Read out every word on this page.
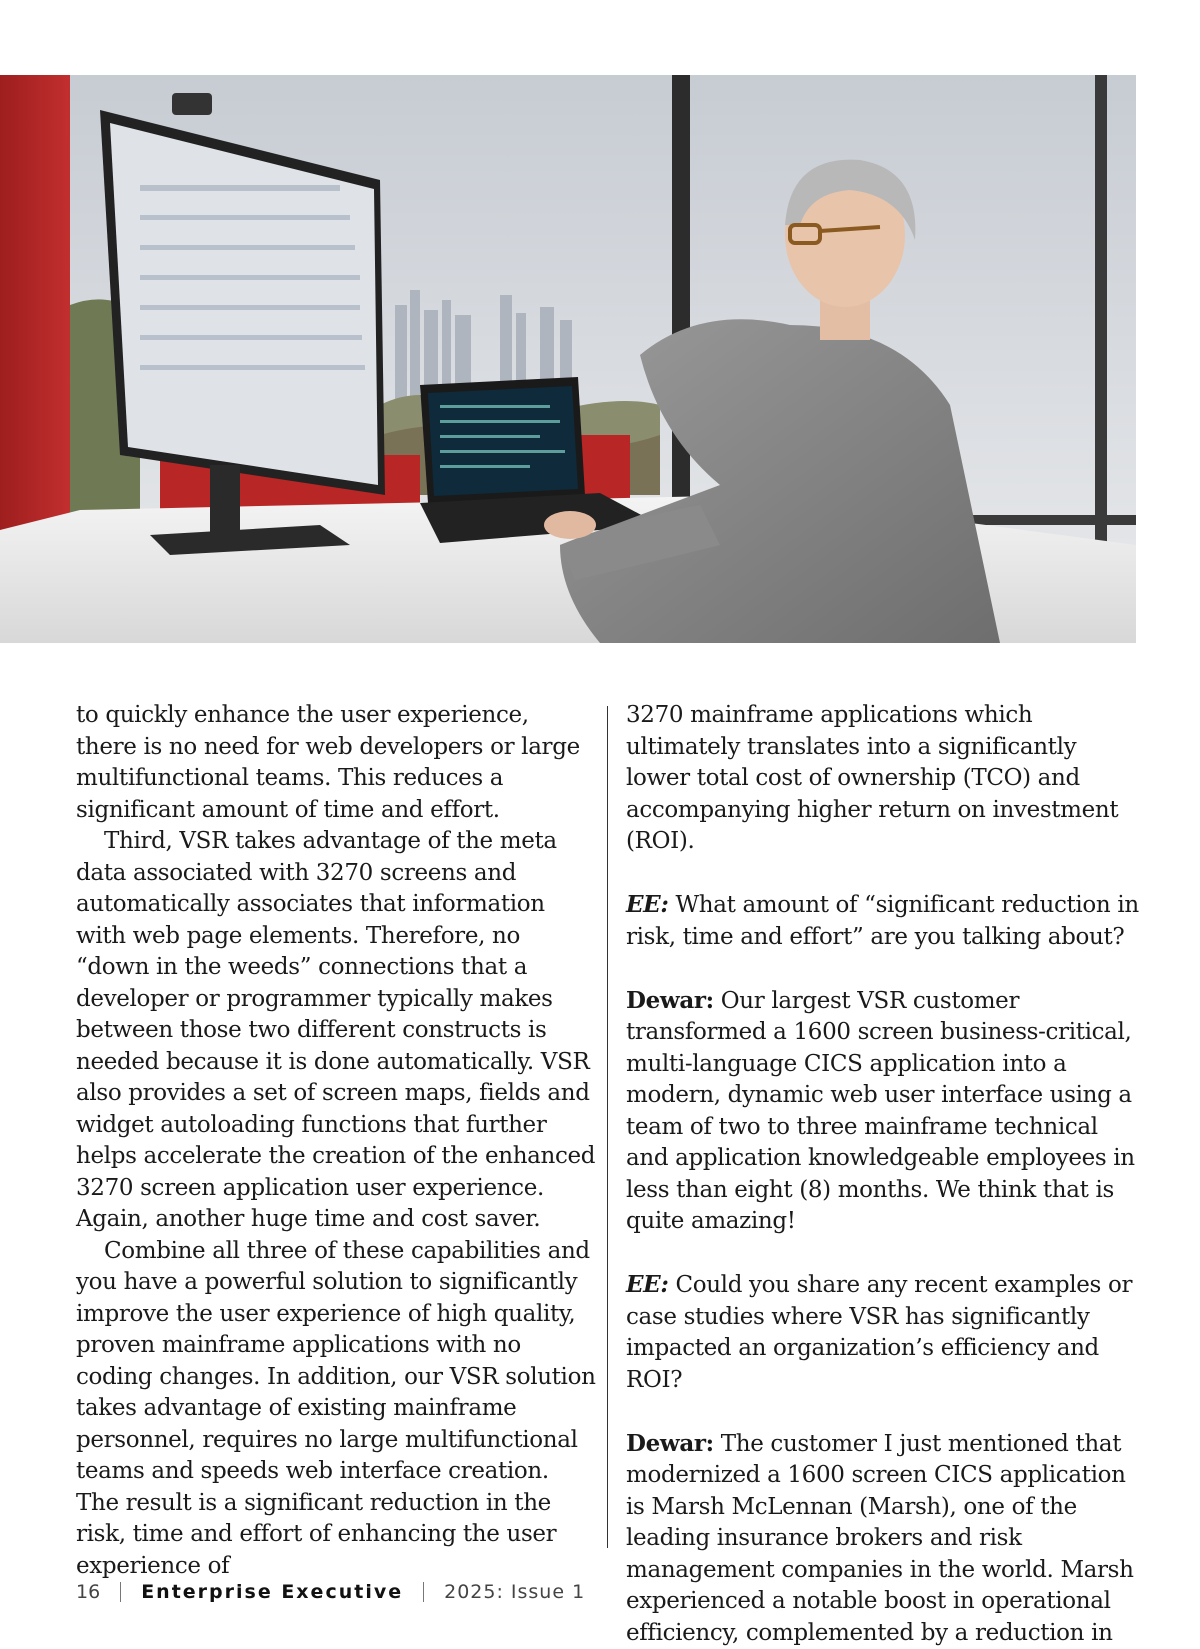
to quickly enhance the user experience, there is no need for web developers or large multifunctional teams. This reduces a significant amount of time and effort.

Third, VSR takes advantage of the meta data associated with 3270 screens and automatically associates that information with web page elements. Therefore, no “down in the weeds” connections that a developer or programmer typically makes between those two different constructs is needed because it is done automatically. VSR also provides a set of screen maps, fields and widget autoloading functions that further helps accelerate the creation of the enhanced 3270 screen application user experience. Again, another huge time and cost saver.

Combine all three of these capabilities and you have a powerful solution to significantly improve the user experience of high quality, proven mainframe applications with no coding changes. In addition, our VSR solution takes advantage of existing mainframe personnel, requires no large multifunctional teams and speeds web interface creation. The result is a significant reduction in the risk, time and effort of enhancing the user experience of

3270 mainframe applications which ultimately translates into a significantly lower total cost of ownership (TCO) and accompanying higher return on investment (ROI).

EE: What amount of “significant reduction in risk, time and effort” are you talking about?

Dewar: Our largest VSR customer transformed a 1600 screen business-critical, multi-language CICS application into a modern, dynamic web user interface using a team of two to three mainframe technical and application knowledgeable employees in less than eight (8) months. We think that is quite amazing!

EE: Could you share any recent examples or case studies where VSR has significantly impacted an organization’s efficiency and ROI?

Dewar: The customer I just mentioned that modernized a 1600 screen CICS application is Marsh McLennan (Marsh), one of the leading insurance brokers and risk management companies in the world. Marsh experienced a notable boost in operational efficiency, complemented by a reduction in

16 Enterprise Executive 2025: Issue 1
